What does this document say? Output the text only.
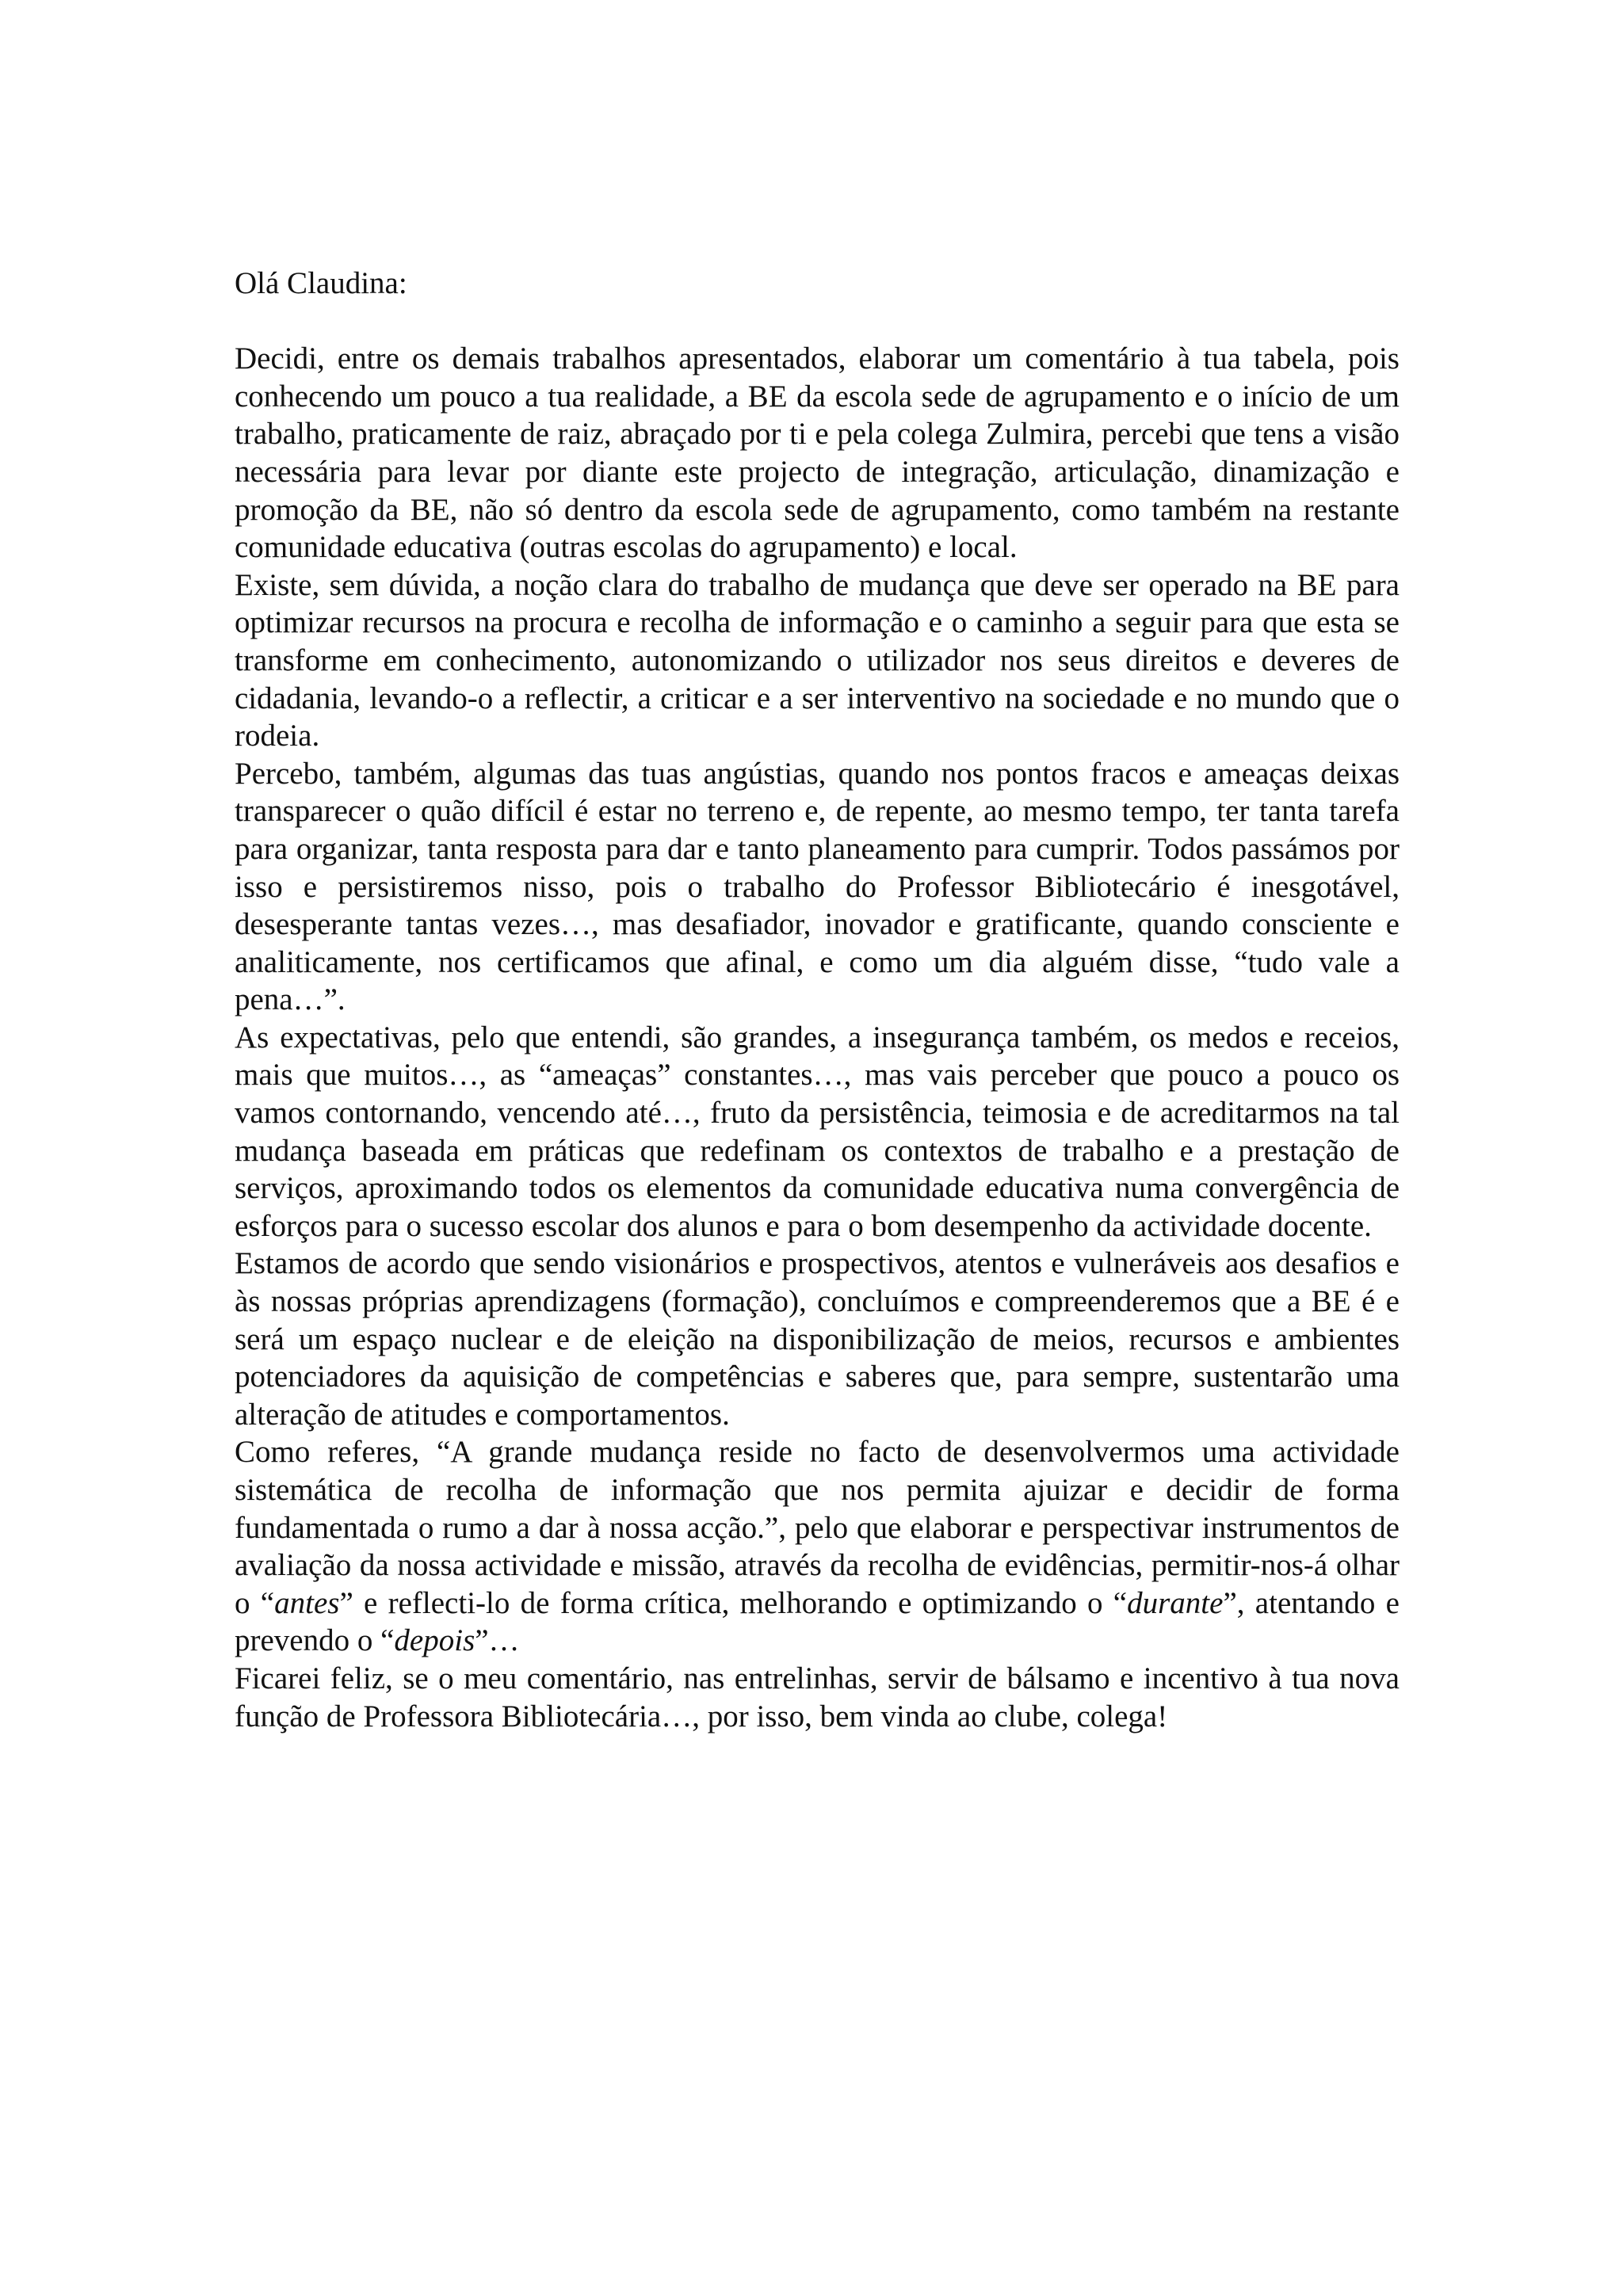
Olá Claudina:

Decidi, entre os demais trabalhos apresentados, elaborar um comentário à tua tabela, pois conhecendo um pouco a tua realidade, a BE da escola sede de agrupamento e o início de um trabalho, praticamente de raiz, abraçado por ti e pela colega Zulmira, percebi que tens a visão necessária para levar por diante este projecto de integração, articulação, dinamização e promoção da BE, não só dentro da escola sede de agrupamento, como também na restante comunidade educativa (outras escolas do agrupamento) e local.

Existe, sem dúvida, a noção clara do trabalho de mudança que deve ser operado na BE para optimizar recursos na procura e recolha de informação e o caminho a seguir para que esta se transforme em conhecimento, autonomizando o utilizador nos seus direitos e deveres de cidadania, levando-o a reflectir, a criticar e a ser interventivo na sociedade e no mundo que o rodeia.

Percebo, também, algumas das tuas angústias, quando nos pontos fracos e ameaças deixas transparecer o quão difícil é estar no terreno e, de repente, ao mesmo tempo, ter tanta tarefa para organizar, tanta resposta para dar e tanto planeamento para cumprir. Todos passámos por isso e persistiremos nisso, pois o trabalho do Professor Bibliotecário é inesgotável, desesperante tantas vezes…, mas desafiador, inovador e gratificante, quando consciente e analiticamente, nos certificamos que afinal, e como um dia alguém disse, “tudo vale a pena…”.

As expectativas, pelo que entendi, são grandes, a insegurança também, os medos e receios, mais que muitos…, as “ameaças” constantes…, mas vais perceber que pouco a pouco os vamos contornando, vencendo até…, fruto da persistência, teimosia e de acreditarmos na tal mudança baseada em práticas que redefinam os contextos de trabalho e a prestação de serviços, aproximando todos os elementos da comunidade educativa numa convergência de esforços para o sucesso escolar dos alunos e para o bom desempenho da actividade docente.

Estamos de acordo que sendo visionários e prospectivos, atentos e vulneráveis aos desafios e às nossas próprias aprendizagens (formação), concluímos e compreenderemos que a BE é e será um espaço nuclear e de eleição na disponibilização de meios, recursos e ambientes potenciadores da aquisição de competências e saberes que, para sempre, sustentarão uma alteração de atitudes e comportamentos.

Como referes, “A grande mudança reside no facto de desenvolvermos uma actividade sistemática de recolha de informação que nos permita ajuizar e decidir de forma fundamentada o rumo a dar à nossa acção.”, pelo que elaborar e perspectivar instrumentos de avaliação da nossa actividade e missão, através da recolha de evidências, permitir-nos-á olhar o “antes” e reflecti-lo de forma crítica, melhorando e optimizando o “durante”, atentando e prevendo o “depois”…

Ficarei feliz, se o meu comentário, nas entrelinhas, servir de bálsamo e incentivo à tua nova função de Professora Bibliotecária…, por isso, bem vinda ao clube, colega!
